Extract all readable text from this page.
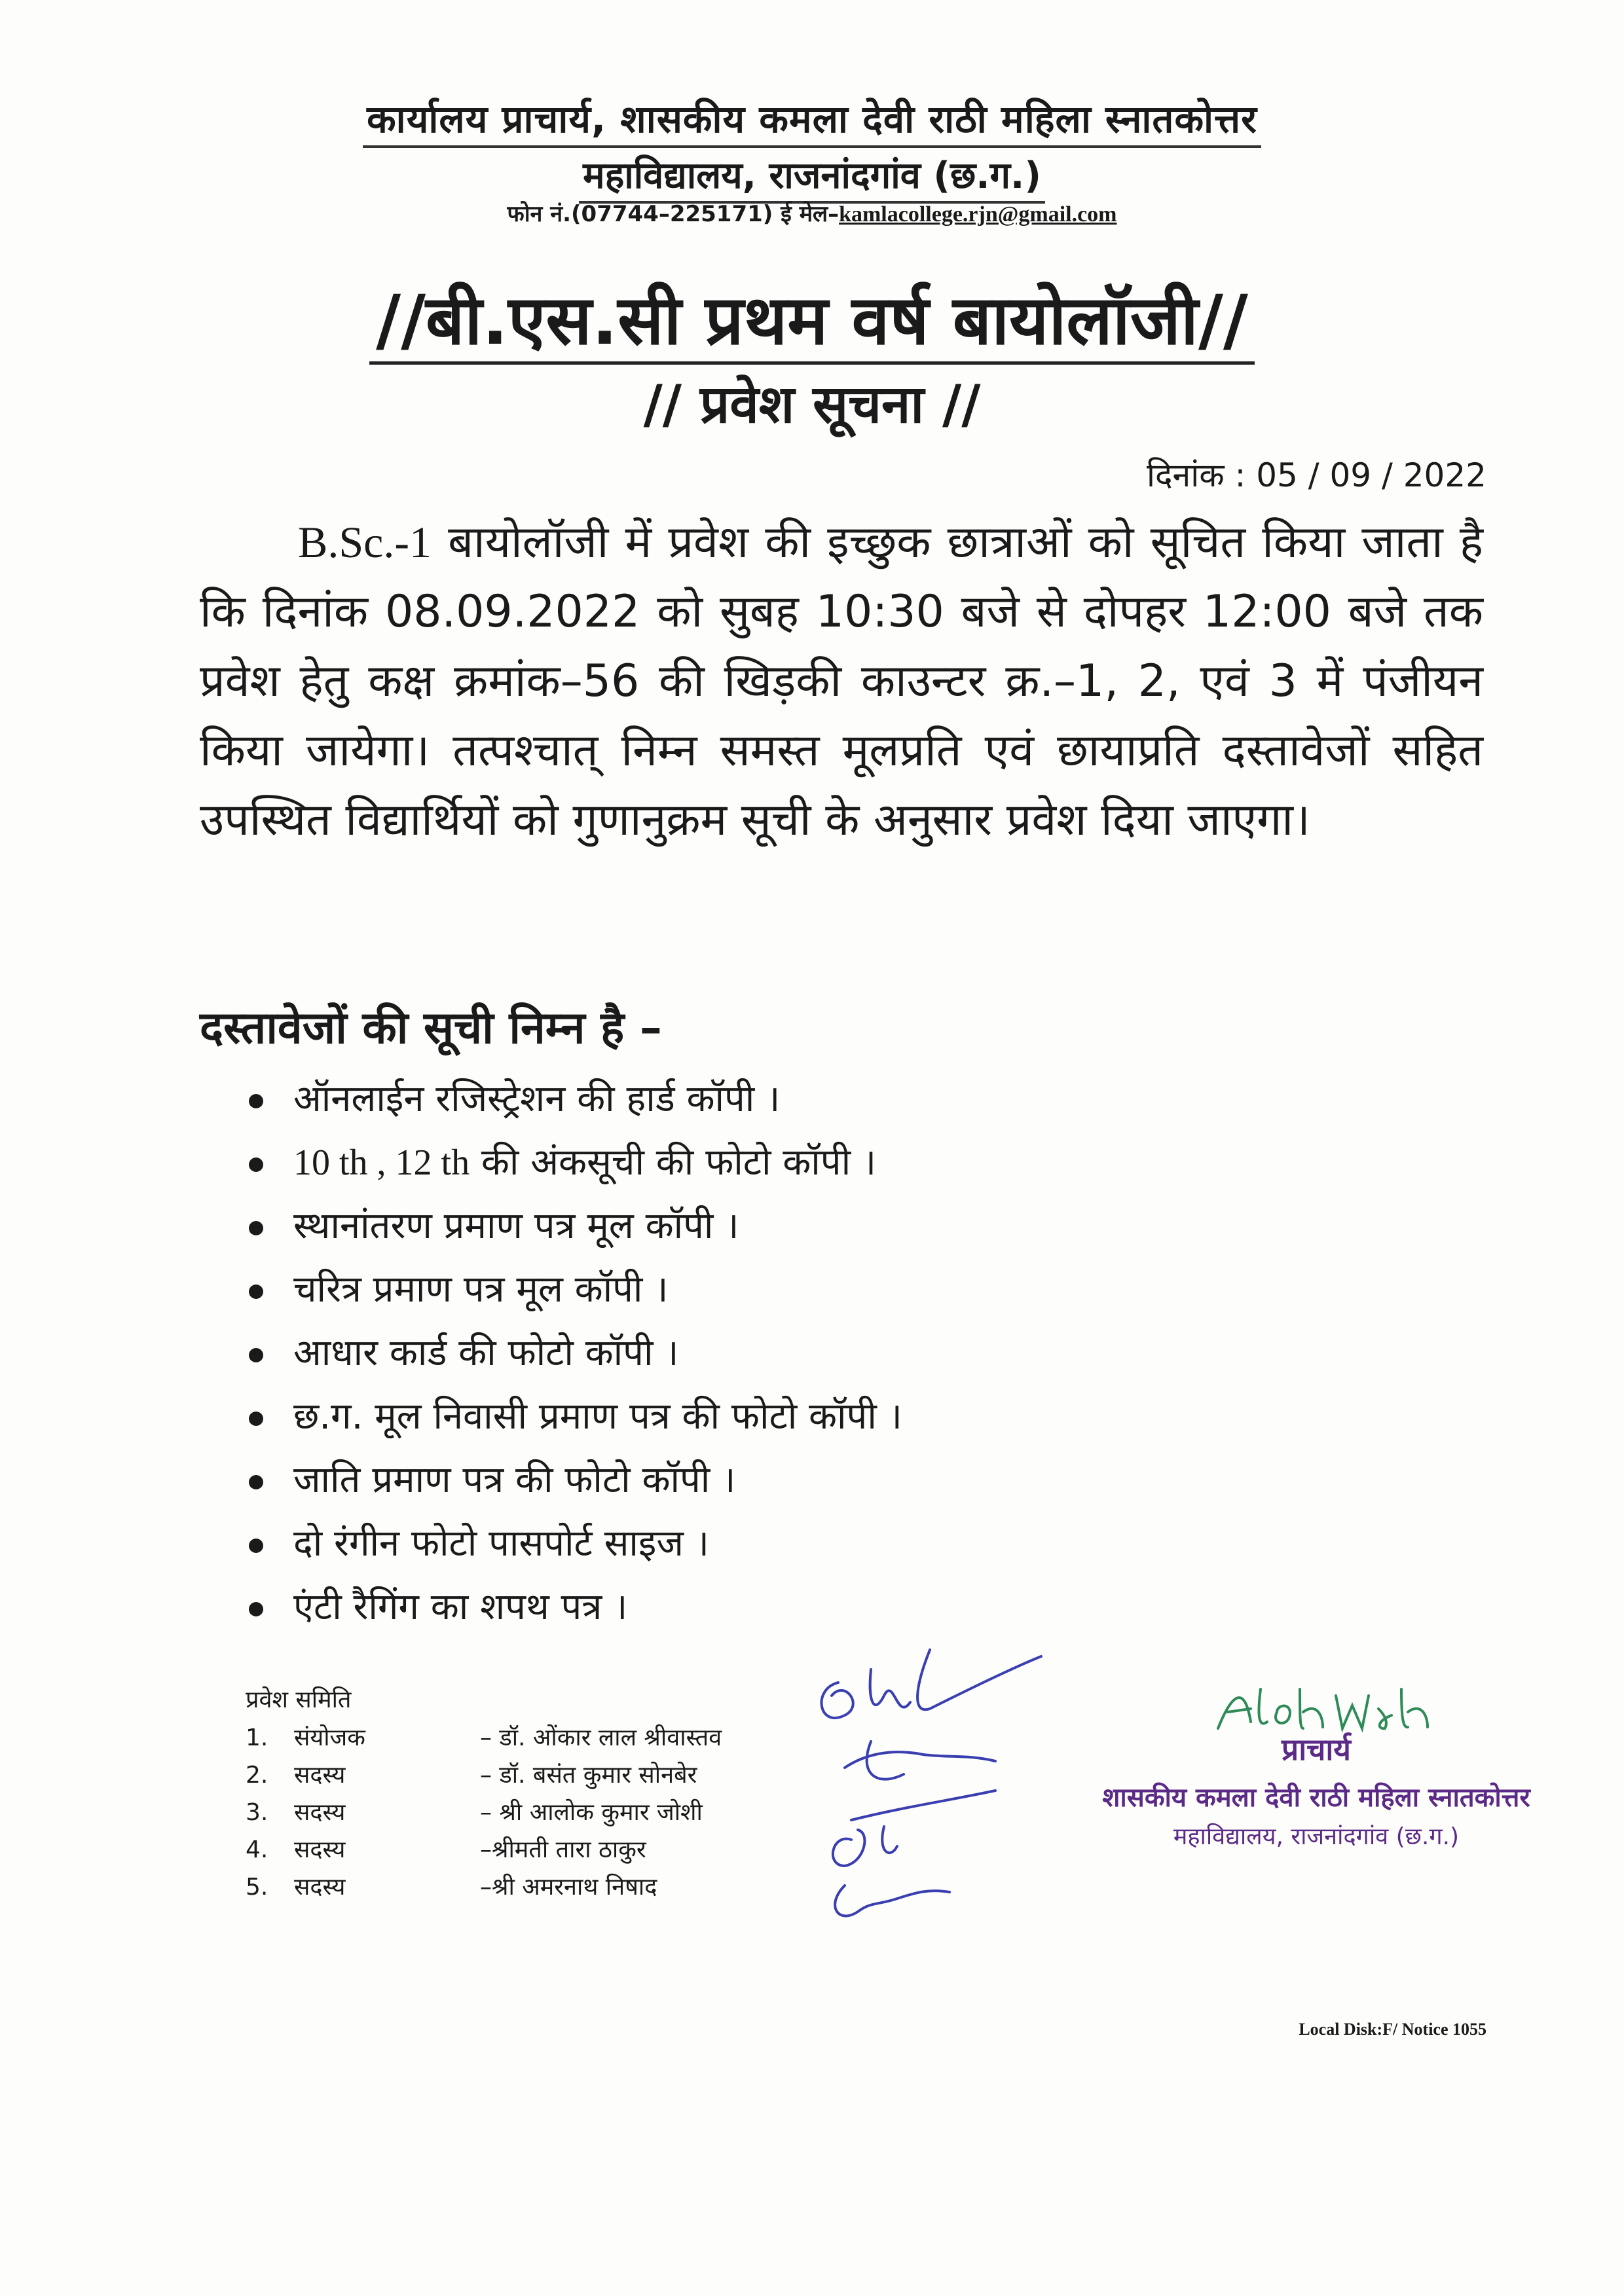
कार्यालय प्राचार्य, शासकीय कमला देवी राठी महिला स्नातकोत्तर
महाविद्यालय, राजनांदगांव (छ.ग.)
फोन नं.(07744–225171) ई मेल–kamlacollege.rjn@gmail.com
//बी.एस.सी प्रथम वर्ष बायोलॉजी//
// प्रवेश सूचना //
दिनांक : 05 / 09 / 2022
B.Sc.-1 बायोलॉजी में प्रवेश की इच्छुक छात्राओं को सूचित किया जाता है कि दिनांक 08.09.2022 को सुबह 10:30 बजे से दोपहर 12:00 बजे तक प्रवेश हेतु कक्ष क्रमांक–56 की खिड़की काउन्टर क्र.–1, 2, एवं 3 में पंजीयन किया जायेगा। तत्पश्चात् निम्न समस्त मूलप्रति एवं छायाप्रति दस्तावेजों सहित उपस्थित विद्यार्थियों को गुणानुक्रम सूची के अनुसार प्रवेश दिया जाएगा।
दस्तावेजों की सूची निम्न है –
ऑनलाईन रजिस्ट्रेशन की हार्ड कॉपी ।
10 th , 12 th की अंकसूची की फोटो कॉपी ।
स्थानांतरण प्रमाण पत्र मूल कॉपी ।
चरित्र प्रमाण पत्र मूल कॉपी ।
आधार कार्ड की फोटो कॉपी ।
छ.ग. मूल निवासी प्रमाण पत्र की फोटो कॉपी ।
जाति प्रमाण पत्र की फोटो कॉपी ।
दो रंगीन फोटो पासपोर्ट साइज ।
एंटी रैगिंग का शपथ पत्र ।
प्रवेश समिति
1. संयोजक	– डॉ. ओंकार लाल श्रीवास्तव
2. सदस्य	– डॉ. बसंत कुमार सोनबेर
3. सदस्य	– श्री आलोक कुमार जोशी
4. सदस्य	–श्रीमती तारा ठाकुर
5. सदस्य	–श्री अमरनाथ निषाद
प्राचार्य
शासकीय कमला देवी राठी महिला स्नातकोत्तर
महाविद्यालय, राजनांदगांव (छ.ग.)
Local Disk:F/ Notice 1055
